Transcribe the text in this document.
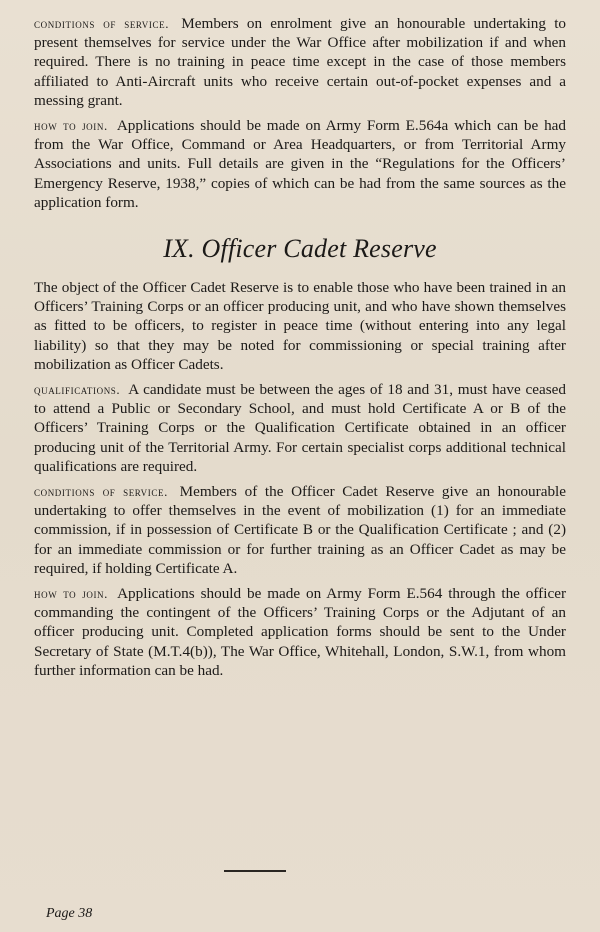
conditions of service. Members on enrolment give an honourable undertaking to present themselves for service under the War Office after mobilization if and when required. There is no training in peace time except in the case of those members affiliated to Anti-Aircraft units who receive certain out-of-pocket expenses and a messing grant.

how to join. Applications should be made on Army Form E.564a which can be had from the War Office, Command or Area Headquarters, or from Territorial Army Associations and units. Full details are given in the “Regulations for the Officers’ Emergency Reserve, 1938,” copies of which can be had from the same sources as the application form.

IX. Officer Cadet Reserve

The object of the Officer Cadet Reserve is to enable those who have been trained in an Officers’ Training Corps or an officer producing unit, and who have shown themselves as fitted to be officers, to register in peace time (without entering into any legal liability) so that they may be noted for commissioning or special training after mobilization as Officer Cadets.

qualifications. A candidate must be between the ages of 18 and 31, must have ceased to attend a Public or Secondary School, and must hold Certificate A or B of the Officers’ Training Corps or the Qualification Certificate obtained in an officer producing unit of the Territorial Army. For certain specialist corps additional technical qualifications are required.

conditions of service. Members of the Officer Cadet Reserve give an honourable undertaking to offer themselves in the event of mobilization (1) for an immediate commission, if in possession of Certificate B or the Qualification Certificate ; and (2) for an immediate commission or for further training as an Officer Cadet as may be required, if holding Certificate A.

how to join. Applications should be made on Army Form E.564 through the officer commanding the contingent of the Officers’ Training Corps or the Adjutant of an officer producing unit. Completed application forms should be sent to the Under Secretary of State (M.T.4(b)), The War Office, Whitehall, London, S.W.1, from whom further information can be had.

Page 38
